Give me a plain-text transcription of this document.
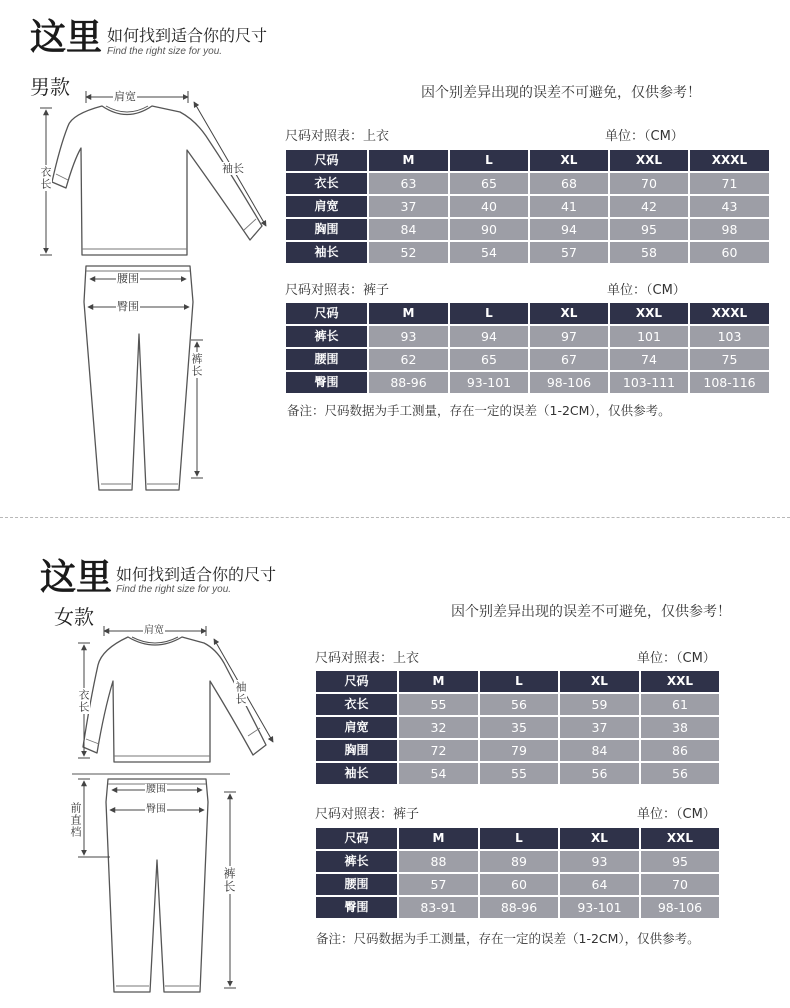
这里 如何找到适合你的尺寸
Find the right size for you.
男款	肩宽
衣长	袖长
腰围
臀围
裤长
因个别差异出现的误差不可避免，仅供参考！
尺码对照表：上衣	单位：（CM）
尺码	M	L	XL	XXL	XXXL
衣长	63	65	68	70	71
肩宽	37	40	41	42	43
胸围	84	90	94	95	98
袖长	52	54	57	58	60
尺码对照表：裤子	单位：（CM）
尺码	M	L	XL	XXL	XXXL
裤长	93	94	97	101	103
腰围	62	65	67	74	75
臀围	88-96	93-101	98-106	103-111	108-116
备注：尺码数据为手工测量，存在一定的误差（1-2CM），仅供参考。
这里 如何找到适合你的尺寸
Find the right size for you.
女款
肩宽
衣长	袖长
腰围
臀围
前直档
裤长
因个别差异出现的误差不可避免，仅供参考！
尺码对照表：上衣	单位：（CM）
尺码	M	L	XL	XXL
衣长	55	56	59	61
肩宽	32	35	37	38
胸围	72	79	84	86
袖长	54	55	56	56
尺码对照表：裤子	单位：（CM）
尺码	M	L	XL	XXL
裤长	88	89	93	95
腰围	57	60	64	70
臀围	83-91	88-96	93-101	98-106
备注：尺码数据为手工测量，存在一定的误差（1-2CM），仅供参考。
